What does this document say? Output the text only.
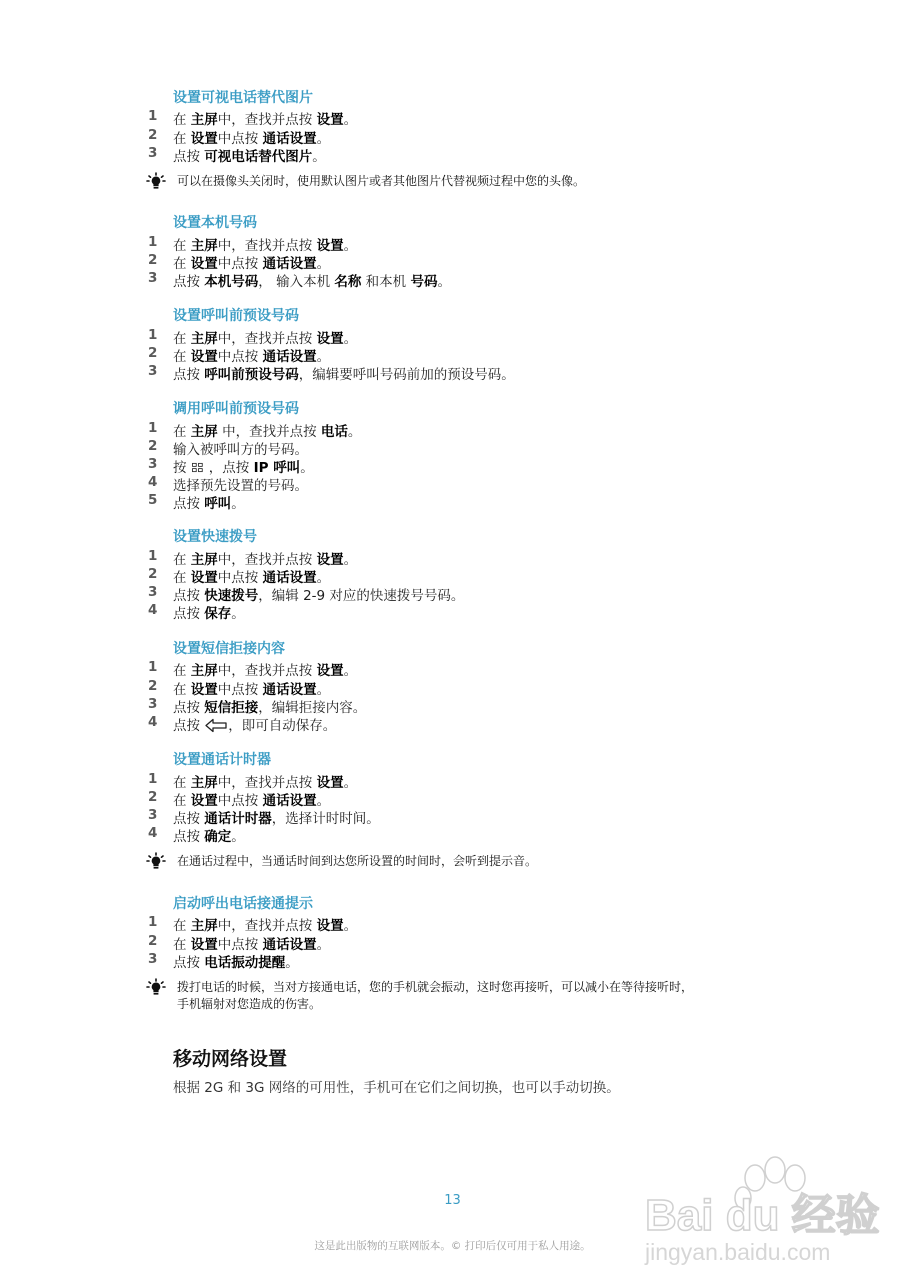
设置可视电话替代图片
1	在 主屏中，查找并点按 设置。
2	在 设置中点按 通话设置。
3	点按 可视电话替代图片。
可以在摄像头关闭时，使用默认图片或者其他图片代替视频过程中您的头像。
设置本机号码
1	在 主屏中，查找并点按 设置。
2	在 设置中点按 通话设置。
3	点按 本机号码， 输入本机 名称 和本机 号码。
设置呼叫前预设号码
1	在 主屏中，查找并点按 设置。
2	在 设置中点按 通话设置。
3	点按 呼叫前预设号码，编辑要呼叫号码前加的预设号码。
调用呼叫前预设号码
1	在 主屏 中，查找并点按 电话。
2	输入被呼叫方的号码。
3	按 ，点按 IP 呼叫。
4	选择预先设置的号码。
5	点按 呼叫。
设置快速拨号
1	在 主屏中，查找并点按 设置。
2	在 设置中点按 通话设置。
3	点按 快速拨号，编辑 2-9 对应的快速拨号号码。
4	点按 保存。
设置短信拒接内容
1	在 主屏中，查找并点按 设置。
2	在 设置中点按 通话设置。
3	点按 短信拒接，编辑拒接内容。
4	点按 ，即可自动保存。
设置通话计时器
1	在 主屏中，查找并点按 设置。
2	在 设置中点按 通话设置。
3	点按 通话计时器，选择计时时间。
4	点按 确定。
在通话过程中，当通话时间到达您所设置的时间时，会听到提示音。
启动呼出电话接通提示
1	在 主屏中，查找并点按 设置。
2	在 设置中点按 通话设置。
3	点按 电话振动提醒。
拨打电话的时候，当对方接通电话，您的手机就会振动，这时您再接听，可以减小在等待接听时，
手机辐射对您造成的伤害。
移动网络设置
根据 2G 和 3G 网络的可用性，手机可在它们之间切换，也可以手动切换。
13
这是此出版物的互联网版本。© 打印后仅可用于私人用途。
Bai du 经验
jingyan.baidu.com
